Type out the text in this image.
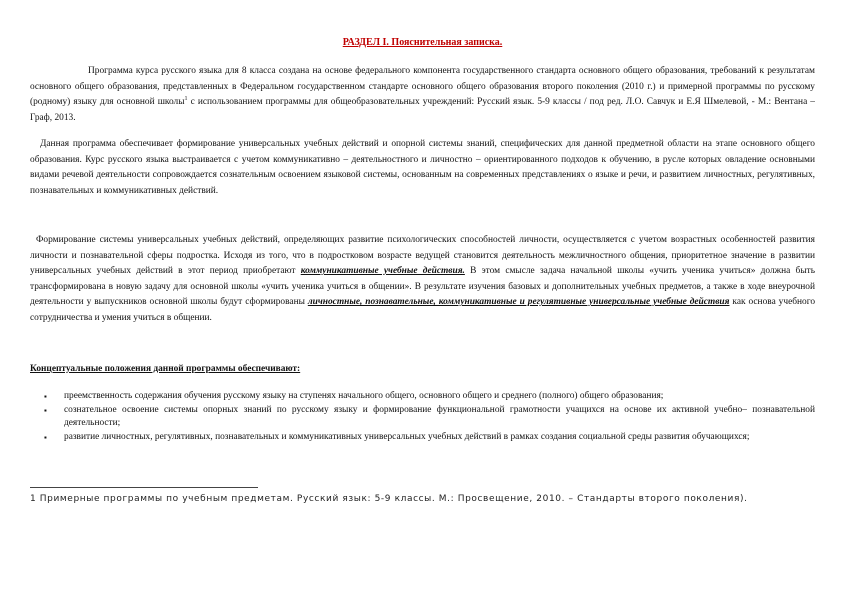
РАЗДЕЛ I. Пояснительная записка.
Программа курса русского языка для 8 класса создана на основе федерального компонента государственного стандарта основного общего образования, требований к результатам основного общего образования, представленных в Федеральном государственном стандарте основного общего образования второго поколения (2010 г.) и примерной программы по русскому (родному) языку для основной школы$^1$ с использованием программы для общеобразовательных учреждений: Русский язык. 5-9 классы / под ред. Л.О. Савчук и Е.Я Шмелевой, - М.: Вентана – Граф, 2013.
Данная программа обеспечивает формирование универсальных учебных действий и опорной системы знаний, специфических для данной предметной области на этапе основного общего образования. Курс русского языка выстраивается с учетом коммуникативно – деятельностного и личностно – ориентированного подходов к обучению, в русле которых овладение основными видами речевой деятельности сопровождается сознательным освоением языковой системы, основанным на современных представлениях о языке и речи, и развитием личностных, регулятивных, познавательных и коммуникативных действий.
Формирование системы универсальных учебных действий, определяющих развитие психологических способностей личности, осуществляется с учетом возрастных особенностей развития личности и познавательной сферы подростка. Исходя из того, что в подростковом возрасте ведущей становится деятельность межличностного общения, приоритетное значение в развитии универсальных учебных действий в этот период приобретают коммуникативные учебные действия. В этом смысле задача начальной школы «учить ученика учиться» должна быть трансформирована в новую задачу для основной школы «учить ученика учиться в общении». В результате изучения базовых и дополнительных учебных предметов, а также в ходе внеурочной деятельности у выпускников основной школы будут сформированы личностные, познавательные, коммуникативные и регулятивные универсальные учебные действия как основа учебного сотрудничества и умения учиться в общении.
Концептуальные положения данной программы обеспечивают:
▪ преемственность содержания обучения русскому языку на ступенях начального общего, основного общего и среднего (полного) общего образования;
▪ сознательное освоение системы опорных знаний по русскому языку и формирование функциональной грамотности учащихся на основе их активной учебно– познавательной деятельности;
▪ развитие личностных, регулятивных, познавательных и коммуникативных универсальных учебных действий в рамках создания социальной среды развития обучающихся;
1 Примерные программы по учебным предметам. Русский язык: 5-9 классы. М.: Просвещение, 2010. – Стандарты второго поколения).
